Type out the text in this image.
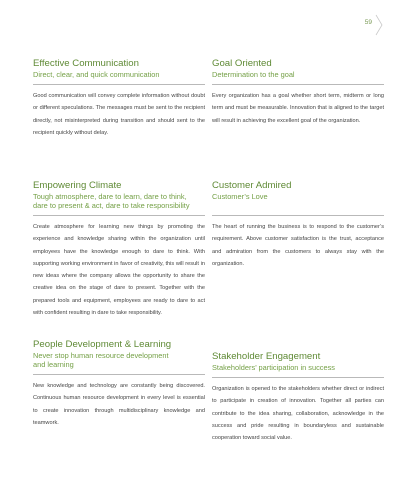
59
Effective Communication
Direct, clear, and quick communication

Good communication will convey complete information without doubt or different speculations. The messages must be sent to the recipient directly, not misinterpreted during transition and should sent to the recipient quickly without delay.

Goal Oriented
Determination to the goal

Every organization has a goal whether short term, midterm or long term and must be measurable. Innovation that is aligned to the target will result in achieving the excellent goal of the organization.

Empowering Climate
Tough atmosphere, dare to learn, dare to think,
dare to present & act, dare to take responsibility

Create atmosphere for learning new things by promoting the experience and knowledge sharing within the organization until employees have the knowledge enough to dare to think. With supporting working environment in favor of creativity, this will result in new ideas where the company allows the opportunity to share the creative idea on the stage of dare to present. Together with the prepared tools and equipment, employees are ready to dare to act with confident resulting in dare to take responsibility.

Customer Admired
Customer’s Love

The heart of running the business is to respond to the customer’s requirement. Above customer satisfaction is the trust, acceptance and admiration from the customers to always stay with the organization.

People Development & Learning
Never stop human resource development
and learning

New knowledge and technology are constantly being discovered. Continuous human resource development in every level is essential to create innovation through multidisciplinary knowledge and teamwork.

Stakeholder Engagement
Stakeholders’ participation in success

Organization is opened to the stakeholders whether direct or indirect to participate in creation of innovation. Together all parties can contribute to the idea sharing, collaboration, acknowledge in the success and pride resulting in boundaryless and sustainable cooperation toward social value.
